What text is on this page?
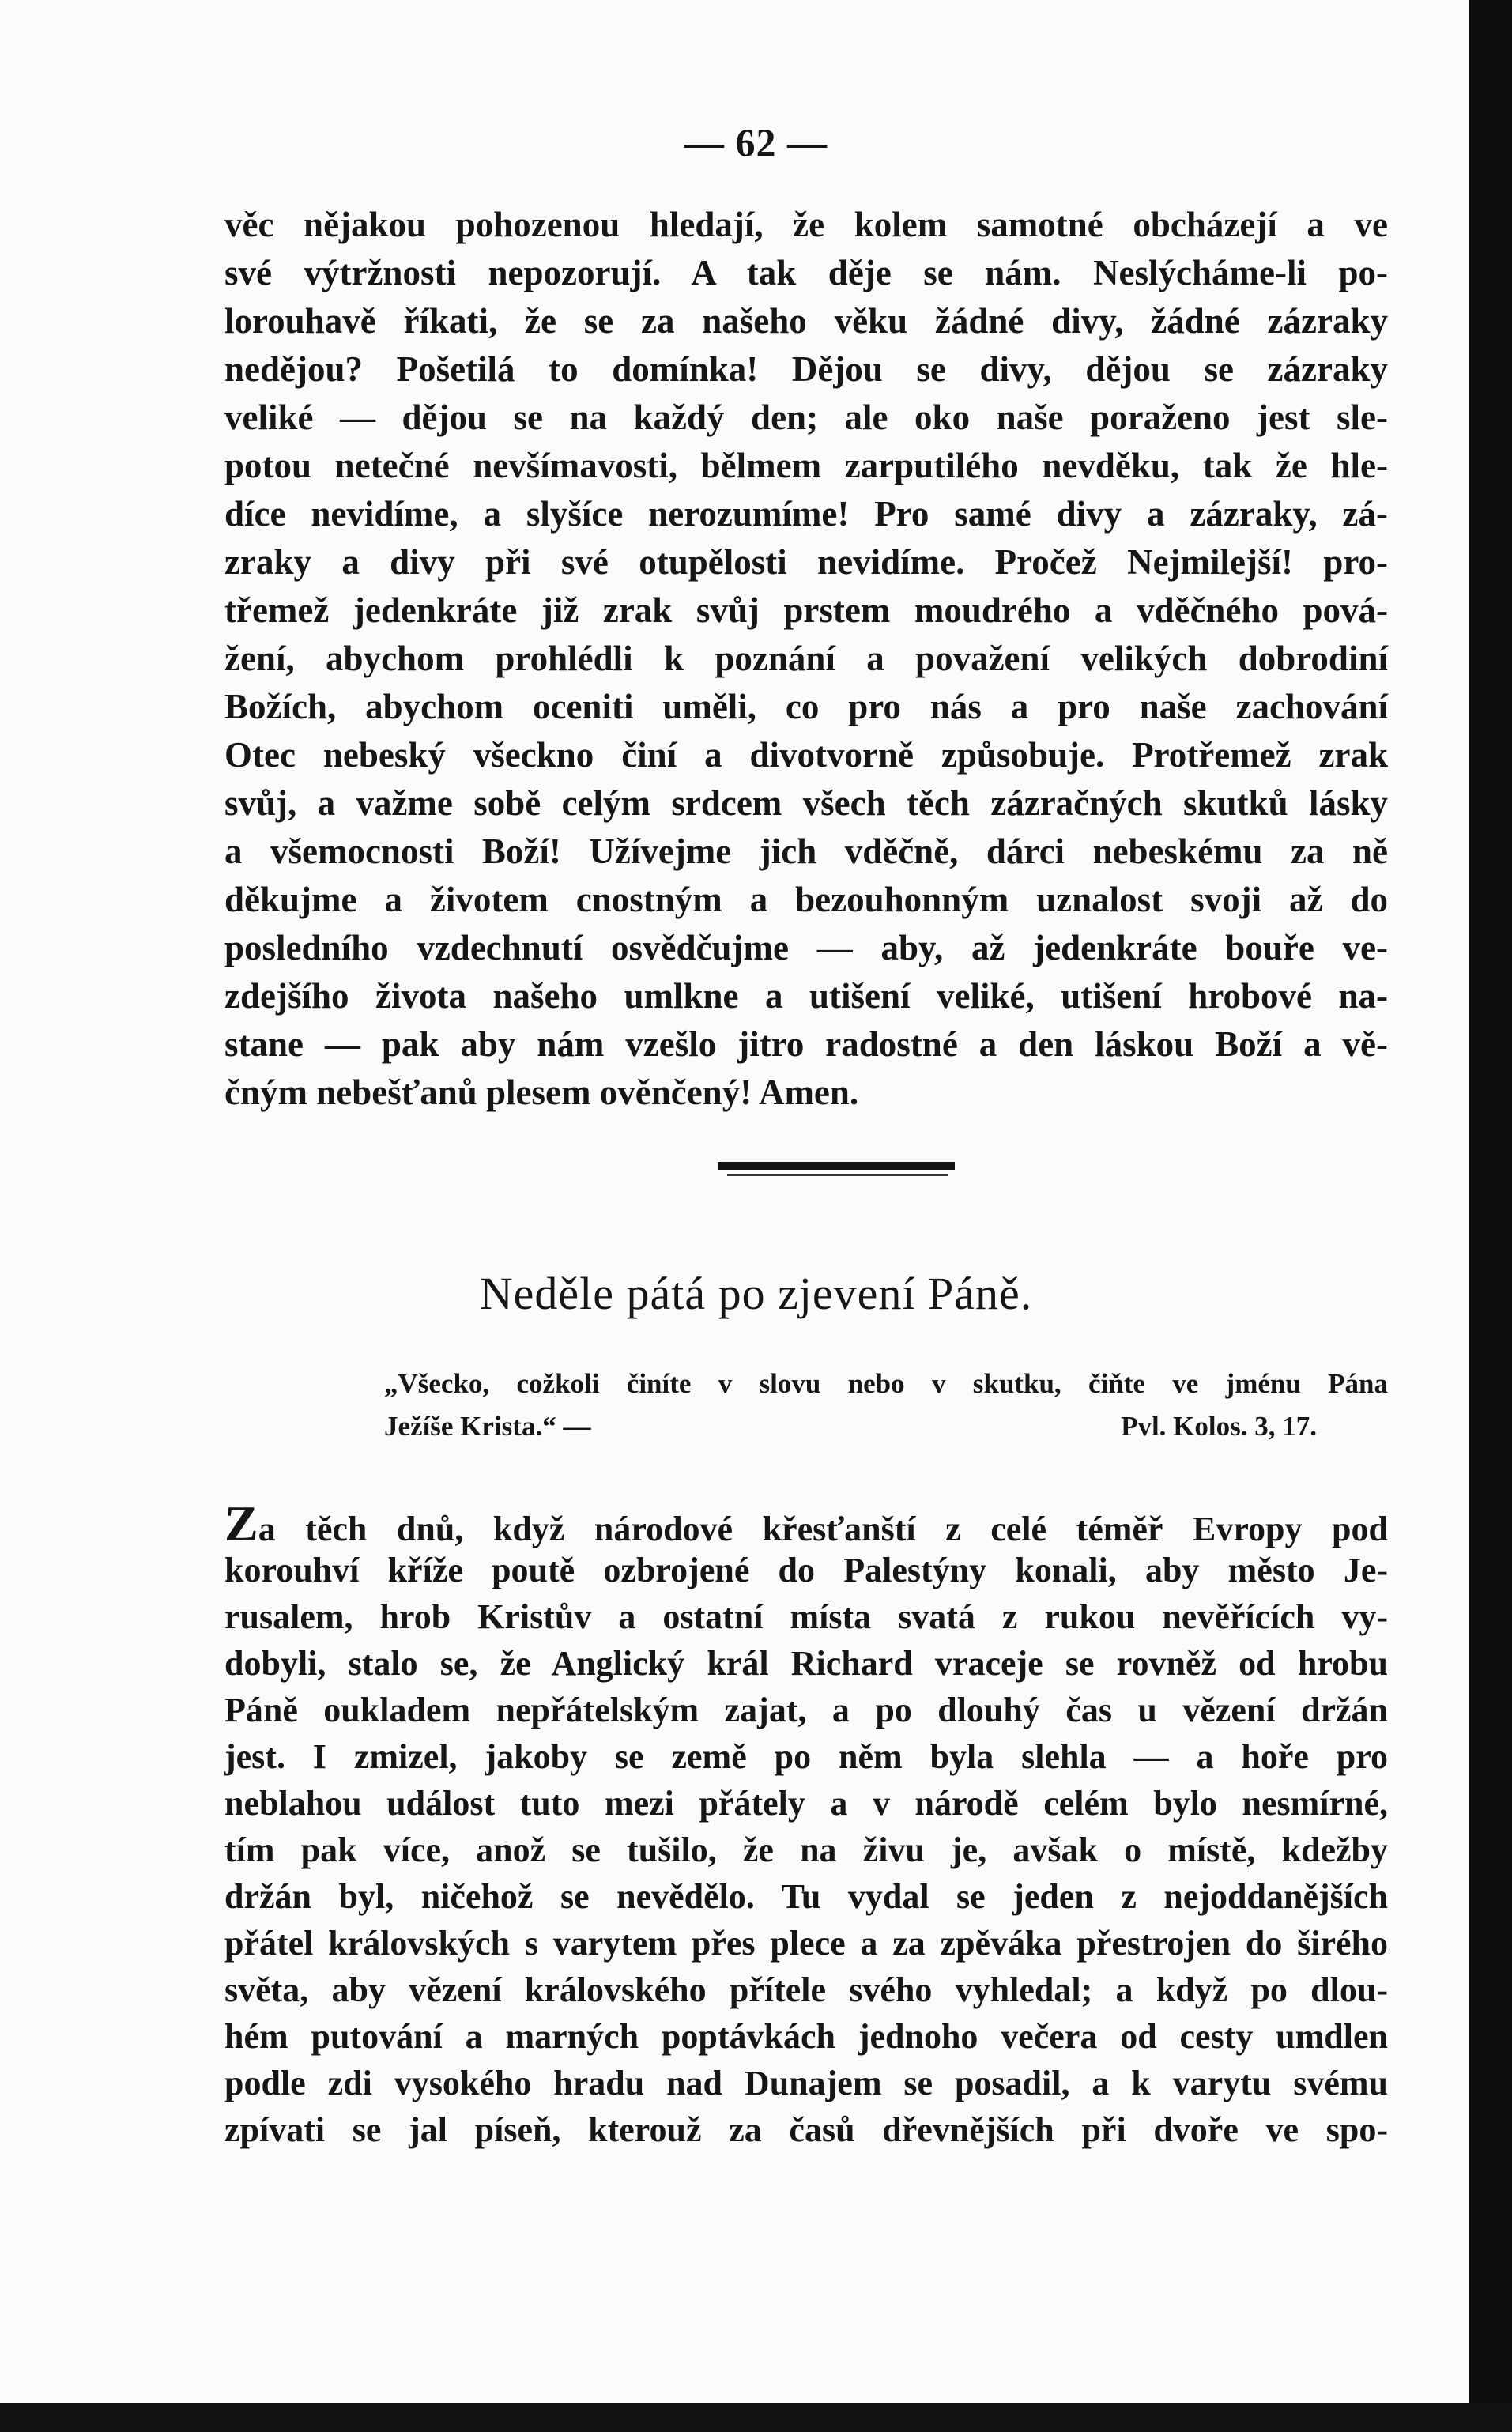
— 62 —
věc nějakou pohozenou hledají, že kolem samotné obcházejí a ve
své výtržnosti nepozorují. A tak děje se nám. Neslýcháme-li po-
lorouhavě říkati, že se za našeho věku žádné divy, žádné zázraky
nedějou? Pošetilá to domínka! Dějou se divy, dějou se zázraky
veliké — dějou se na každý den; ale oko naše poraženo jest sle-
potou netečné nevšímavosti, bělmem zarputilého nevděku, tak že hle-
díce nevidíme, a slyšíce nerozumíme! Pro samé divy a zázraky, zá-
zraky a divy při své otupělosti nevidíme. Pročež Nejmilejší! pro-
třemež jedenkráte již zrak svůj prstem moudrého a vděčného pová-
žení, abychom prohlédli k poznání a považení velikých dobrodiní
Božích, abychom oceniti uměli, co pro nás a pro naše zachování
Otec nebeský všeckno činí a divotvorně způsobuje. Protřemež zrak
svůj, a važme sobě celým srdcem všech těch zázračných skutků lásky
a všemocnosti Boží! Užívejme jich vděčně, dárci nebeskému za ně
děkujme a životem cnostným a bezouhonným uznalost svoji až do
posledního vzdechnutí osvědčujme — aby, až jedenkráte bouře ve-
zdejšího života našeho umlkne a utišení veliké, utišení hrobové na-
stane — pak aby nám vzešlo jitro radostné a den láskou Boží a vě-
čným nebešťanů plesem ověnčený! Amen.
Neděle pátá po zjevení Páně.
„Všecko, cožkoli činíte v slovu nebo v skutku, čiňte ve jménu Pána
Ježíše Krista.“ —	Pvl. Kolos. 3, 17.
Za těch dnů, když národové křesťanští z celé téměř Evropy pod
korouhví kříže poutě ozbrojené do Palestýny konali, aby město Je-
rusalem, hrob Kristův a ostatní místa svatá z rukou nevěřících vy-
dobyli, stalo se, že Anglický král Richard vraceje se rovněž od hrobu
Páně oukladem nepřátelským zajat, a po dlouhý čas u vězení držán
jest. I zmizel, jakoby se země po něm byla slehla — a hoře pro
neblahou událost tuto mezi přátely a v národě celém bylo nesmírné,
tím pak více, anož se tušilo, že na živu je, avšak o místě, kdežby
držán byl, ničehož se nevědělo. Tu vydal se jeden z nejoddanějších
přátel královských s varytem přes plece a za zpěváka přestrojen do širého
světa, aby vězení královského přítele svého vyhledal; a když po dlou-
hém putování a marných poptávkách jednoho večera od cesty umdlen
podle zdi vysokého hradu nad Dunajem se posadil, a k varytu svému
zpívati se jal píseň, kterouž za časů dřevnějších při dvoře ve spo-
